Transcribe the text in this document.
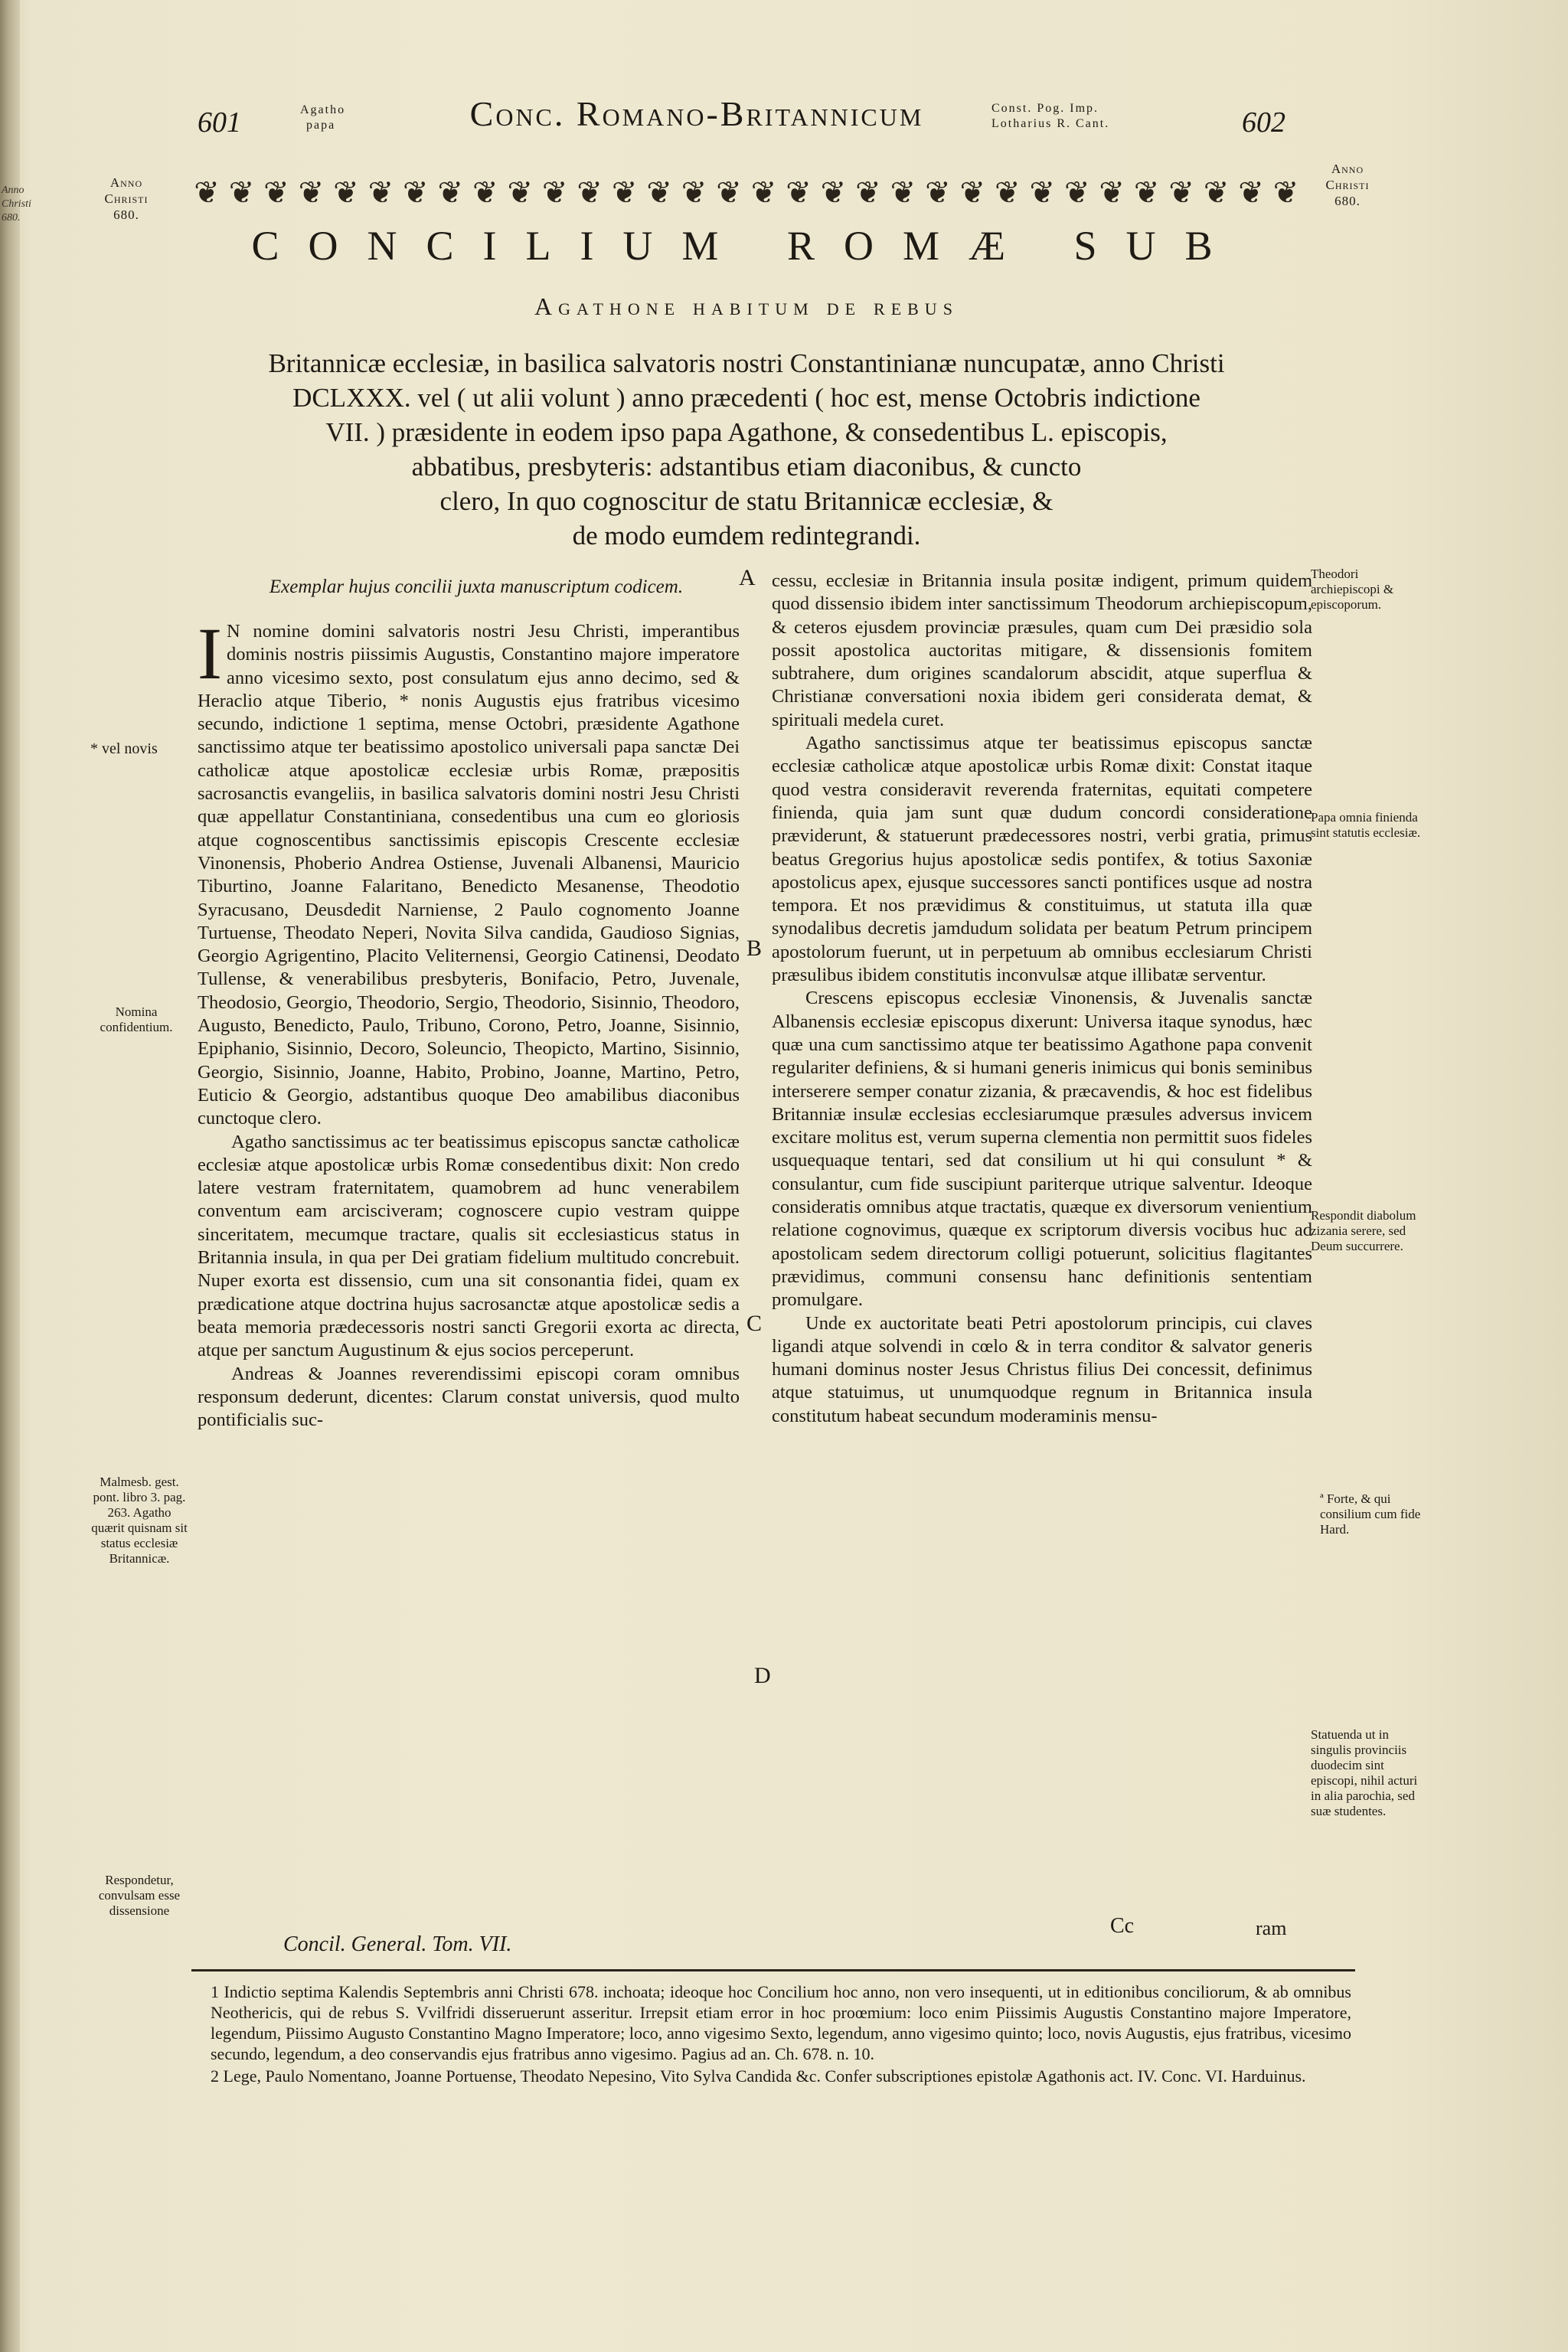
Anno Christi 680.
601	Agatho
papa	Conc. Romano-Britannicum	Const. Pog. Imp.
Lotharius R. Cant.	602
Anno
Christi
680.
Anno
Christi
680.
❦ ❦ ❦ ❦ ❦ ❦ ❦ ❦ ❦ ❦ ❦ ❦ ❦ ❦ ❦ ❦ ❦ ❦ ❦ ❦ ❦ ❦ ❦ ❦ ❦ ❦ ❦ ❦ ❦ ❦ ❦ ❦
CONCILIUM ROMÆ SUB
Agathone habitum de rebus

Britannicæ ecclesiæ, in basilica salvatoris nostri Constantinianæ nuncupatæ, anno Christi

DCLXXX. vel ( ut alii volunt ) anno præcedenti ( hoc est, mense Octobris indictione

VII. ) præsidente in eodem ipso papa Agathone, & consedentibus L. episcopis,

abbatibus, presbyteris: adstantibus etiam diaconibus, & cuncto

clero, In quo cognoscitur de statu Britannicæ ecclesiæ, &

de modo eumdem redintegrandi.

Exemplar hujus concilii juxta manuscriptum codicem.

I N nomine domini salvatoris nostri Jesu Christi, imperantibus dominis nostris piissimis Augustis, Constantino majore imperatore anno vicesimo sexto, post consulatum ejus anno decimo, sed & Heraclio atque Tiberio, * nonis Augustis ejus fratribus vicesimo secundo, indictione 1 septima, mense Octobri, præsidente Agathone sanctissimo atque ter beatissimo apostolico universali papa sanctæ Dei catholicæ atque apostolicæ ecclesiæ urbis Romæ, præpositis sacrosanctis evangeliis, in basilica salvatoris domini nostri Jesu Christi quæ appellatur Constantiniana, consedentibus una cum eo gloriosis atque cognoscentibus sanctissimis episcopis Crescente ecclesiæ Vinonensis, Phoberio Andrea Ostiense, Juvenali Albanensi, Mauricio Tiburtino, Joanne Falaritano, Benedicto Mesanense, Theodotio Syracusano, Deusdedit Narniense, 2 Paulo cognomento Joanne Turtuense, Theodato Neperi, Novita Silva candida, Gaudioso Signias, Georgio Agrigentino, Placito Veliternensi, Georgio Catinensi, Deodato Tullense, & venerabilibus presbyteris, Bonifacio, Petro, Juvenale, Theodosio, Georgio, Theodorio, Sergio, Theodorio, Sisinnio, Theodoro, Augusto, Benedicto, Paulo, Tribuno, Corono, Petro, Joanne, Sisinnio, Epiphanio, Sisinnio, Decoro, Soleuncio, Theopicto, Martino, Sisinnio, Georgio, Sisinnio, Joanne, Habito, Probino, Joanne, Martino, Petro, Euticio & Georgio, adstantibus quoque Deo amabilibus diaconibus cunctoque clero.

Agatho sanctissimus ac ter beatissimus episcopus sanctæ catholicæ ecclesiæ atque apostolicæ urbis Romæ consedentibus dixit: Non credo latere vestram fraternitatem, quamobrem ad hunc venerabilem conventum eam arcisciveram; cognoscere cupio vestram quippe sinceritatem, mecumque tractare, qualis sit ecclesiasticus status in Britannia insula, in qua per Dei gratiam fidelium multitudo concrebuit. Nuper exorta est dissensio, cum una sit consonantia fidei, quam ex prædicatione atque doctrina hujus sacrosanctæ atque apostolicæ sedis a beata memoria prædecessoris nostri sancti Gregorii exorta ac directa, atque per sanctum Augustinum & ejus socios perceperunt.

Andreas & Joannes reverendissimi episcopi coram omnibus responsum dederunt, dicentes: Clarum constat universis, quod multo pontificialis suc-

Concil. General. Tom. VII.
A
B
C
D

cessu, ecclesiæ in Britannia insula positæ indigent, primum quidem quod dissensio ibidem inter sanctissimum Theodorum archiepiscopum, & ceteros ejusdem provinciæ præsules, quam cum Dei præsidio sola possit apostolica auctoritas mitigare, & dissensionis fomitem subtrahere, dum origines scandalorum abscidit, atque superflua & Christianæ conversationi noxia ibidem geri considerata demat, & spirituali medela curet.

Agatho sanctissimus atque ter beatissimus episcopus sanctæ ecclesiæ catholicæ atque apostolicæ urbis Romæ dixit: Constat itaque quod vestra consideravit reverenda fraternitas, equitati competere finienda, quia jam sunt quæ dudum concordi consideratione præviderunt, & statuerunt prædecessores nostri, verbi gratia, primus beatus Gregorius hujus apostolicæ sedis pontifex, & totius Saxoniæ apostolicus apex, ejusque successores sancti pontifices usque ad nostra tempora. Et nos prævidimus & constituimus, ut statuta illa quæ synodalibus decretis jamdudum solidata per beatum Petrum principem apostolorum fuerunt, ut in perpetuum ab omnibus ecclesiarum Christi præsulibus ibidem constitutis inconvulsæ atque illibatæ serventur.

Crescens episcopus ecclesiæ Vinonensis, & Juvenalis sanctæ Albanensis ecclesiæ episcopus dixerunt: Universa itaque synodus, hæc quæ una cum sanctissimo atque ter beatissimo Agathone papa convenit regulariter definiens, & si humani generis inimicus qui bonis seminibus interserere semper conatur zizania, & præcavendis, & hoc est fidelibus Britanniæ insulæ ecclesias ecclesiarumque præsules adversus invicem excitare molitus est, verum superna clementia non permittit suos fideles usquequaque tentari, sed dat consilium ut hi qui consulunt * & consulantur, cum fide suscipiunt pariterque utrique salventur. Ideoque consideratis omnibus atque tractatis, quæque ex diversorum venientium relatione cognovimus, quæque ex scriptorum diversis vocibus huc ad apostolicam sedem directorum colligi potuerunt, solicitius flagitantes prævidimus, communi consensu hanc definitionis sententiam promulgare.

Unde ex auctoritate beati Petri apostolorum principis, cui claves ligandi atque solvendi in cœlo & in terra conditor & salvator generis humani dominus noster Jesus Christus filius Dei concessit, definimus atque statuimus, ut unumquodque regnum in Britannica insula constitutum habeat secundum moderaminis mensu-

Cc	ram
* vel novis
Nomina confidentium.
Malmesb. gest. pont. libro 3. pag. 263. Agatho quærit quisnam sit status ecclesiæ Britannicæ.
Respondetur, convulsam esse dissensione
Theodori archiepiscopi & episcoporum.
Papa omnia finienda sint statutis ecclesiæ.
Respondit diabolum zizania serere, sed Deum succurrere.
ª Forte, & qui consilium cum fide Hard.
Statuenda ut in singulis provinciis duodecim sint episcopi, nihil acturi in alia parochia, sed suæ studentes.

1 Indictio septima Kalendis Septembris anni Christi 678. inchoata; ideoque hoc Concilium hoc anno, non vero insequenti, ut in editionibus conciliorum, & ab omnibus Neothericis, qui de rebus S. Vvilfridi disseruerunt asseritur. Irrepsit etiam error in hoc proœmium: loco enim Piissimis Augustis Constantino majore Imperatore, legendum, Piissimo Augusto Constantino Magno Imperatore; loco, anno vigesimo Sexto, legendum, anno vigesimo quinto; loco, novis Augustis, ejus fratribus, vicesimo secundo, legendum, a deo conservandis ejus fratribus anno vigesimo. Pagius ad an. Ch. 678. n. 10.

2 Lege, Paulo Nomentano, Joanne Portuense, Theodato Nepesino, Vito Sylva Candida &c. Confer subscriptiones epistolæ Agathonis act. IV. Conc. VI. Harduinus.
